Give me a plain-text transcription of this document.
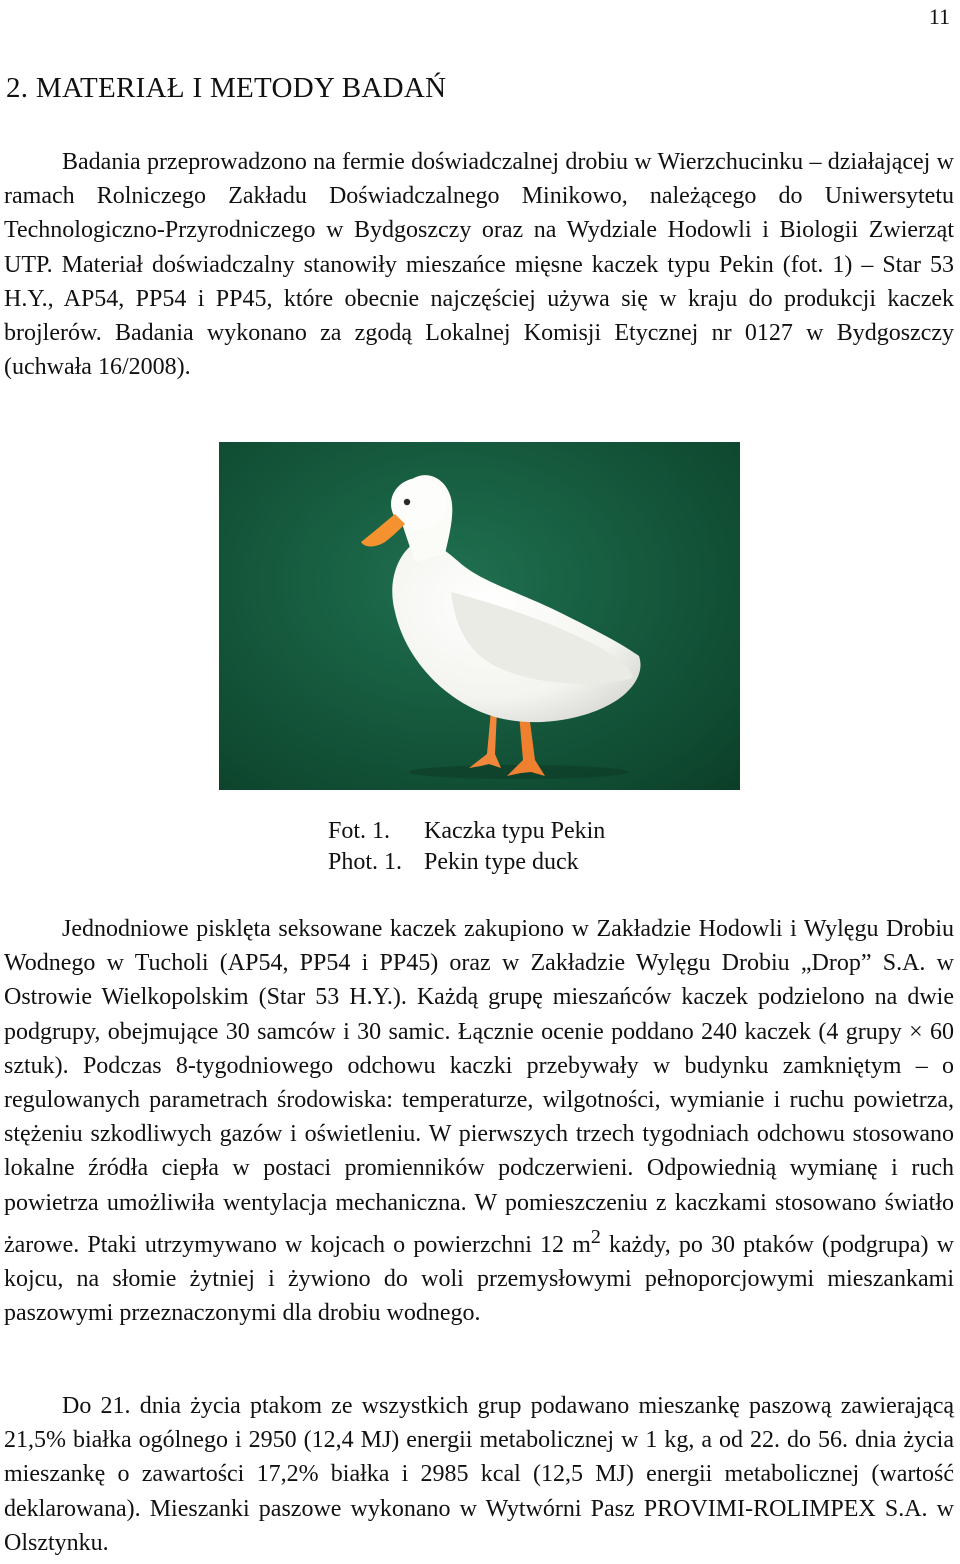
11
2. MATERIAŁ I METODY BADAŃ

Badania przeprowadzono na fermie doświadczalnej drobiu w Wierzchucinku – działającej w ramach Rolniczego Zakładu Doświadczalnego Minikowo, należącego do Uniwersytetu Technologiczno-Przyrodniczego w Bydgoszczy oraz na Wydziale Hodowli i Biologii Zwierząt UTP. Materiał doświadczalny stanowiły mieszańce mięsne kaczek typu Pekin (fot. 1) – Star 53 H.Y., AP54, PP54 i PP45, które obecnie najczęściej używa się w kraju do produkcji kaczek brojlerów. Badania wykonano za zgodą Lokalnej Komisji Etycznej nr 0127 w Bydgoszczy (uchwała 16/2008).

Fot. 1.	Kaczka typu Pekin
Phot. 1. Pekin type duck

Jednodniowe pisklęta seksowane kaczek zakupiono w Zakładzie Hodowli i Wylęgu Drobiu Wodnego w Tucholi (AP54, PP54 i PP45) oraz w Zakładzie Wylęgu Drobiu „Drop” S.A. w Ostrowie Wielkopolskim (Star 53 H.Y.). Każdą grupę mieszańców kaczek podzielono na dwie podgrupy, obejmujące 30 samców i 30 samic. Łącznie ocenie poddano 240 kaczek (4 grupy × 60 sztuk). Podczas 8-tygodniowego odchowu kaczki przebywały w budynku zamkniętym – o regulowanych parametrach środowiska: temperaturze, wilgotności, wymianie i ruchu powietrza, stężeniu szkodliwych gazów i oświetleniu. W pierwszych trzech tygodniach odchowu stosowano lokalne źródła ciepła w postaci promienników podczerwieni. Odpowiednią wymianę i ruch powietrza umożliwiła wentylacja mechaniczna. W pomieszczeniu z kaczkami stosowano światło żarowe. Ptaki utrzymywano w kojcach o powierzchni 12 $m^2$ każdy, po 30 ptaków (podgrupa) w kojcu, na słomie żytniej i żywiono do woli przemysłowymi pełnoporcjowymi mieszankami paszowymi przeznaczonymi dla drobiu wodnego.

Do 21. dnia życia ptakom ze wszystkich grup podawano mieszankę paszową zawierającą 21,5% białka ogólnego i 2950 (12,4 MJ) energii metabolicznej w 1 kg, a od 22. do 56. dnia życia mieszankę o zawartości 17,2% białka i 2985 kcal (12,5 MJ) energii metabolicznej (wartość deklarowana). Mieszanki paszowe wykonano w Wytwórni Pasz PROVIMI-ROLIMPEX S.A. w Olsztynku.
